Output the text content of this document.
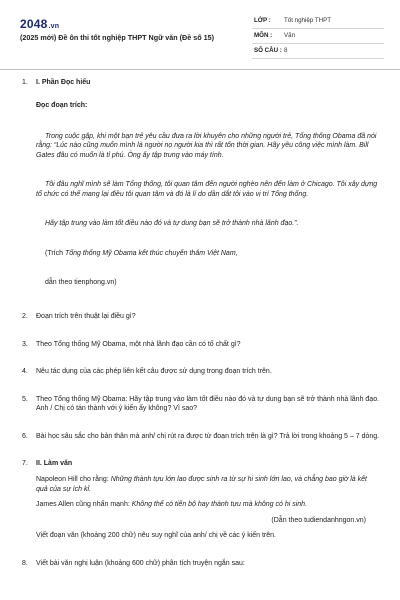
2048.vn
(2025 mới) Đề ôn thi tốt nghiệp THPT Ngữ văn (Đề số 15)
LỚP : Tốt nghiệp THPT
MÔN : Văn
SỐ CÂU : 8
1. I. Phần Đọc hiểu

Đọc đoạn trích:

Trong cuộc gặp, khi một bạn trẻ yêu cầu đưa ra lời khuyên cho những người trẻ, Tổng thống Obama đã nói rằng: “Lúc nào cũng muốn mình là người nọ người kia thì rất tốn thời gian. Hãy yêu công việc mình làm. Bill Gates đâu có muốn là tỉ phú. Ông ấy tập trung vào máy tính.

Tôi đâu nghĩ mình sẽ làm Tổng thống, tôi quan tâm đến người nghèo nên đến làm ở Chicago. Tôi xây dựng tổ chức có thể mang lại điều tôi quan tâm và đó là lí do dần dắt tôi vào vị trí Tổng thống.

Hãy tập trung vào làm tốt điều nào đó và tự dung bạn sẽ trở thành nhà lãnh đạo.”.

(Trích Tổng thống Mỹ Obama kết thúc chuyến thăm Việt Nam,

dẫn theo tienphong.vn)

2. Đoạn trích trên thuật lại điều gì?

3. Theo Tổng thống Mỹ Obama, một nhà lãnh đạo cần có tố chất gì?

4. Nêu tác dụng của các phép liên kết câu được sử dụng trong đoạn trích trên.

5. Theo Tổng thống Mỹ Obama: Hãy tập trung vào làm tốt điều nào đó và tự dung bạn sẽ trở thành nhà lãnh đạo. Anh / Chị có tán thành với ý kiến ấy không? Vì sao?

6. Bài học sâu sắc cho bản thân mà anh/ chị rút ra được từ đoạn trích trên là gì? Trả lời trong khoảng 5 – 7 dòng.

7. II. Làm văn

Napoleon Hill cho rằng: Những thành tựu lớn lao được sinh ra từ sự hi sinh lớn lao, và chẳng bao giờ là kết quả của sự ích kỉ.

James Allen cũng nhấn mạnh: Không thể có tiến bộ hay thành tựu mà không có hi sinh.

(Dẫn theo tudiendanhngon.vn)

Viết đoạn văn (khoảng 200 chữ) nêu suy nghĩ của anh/ chị về các ý kiến trên.

8. Viết bài văn nghị luận (khoảng 600 chữ) phân tích truyện ngắn sau:
